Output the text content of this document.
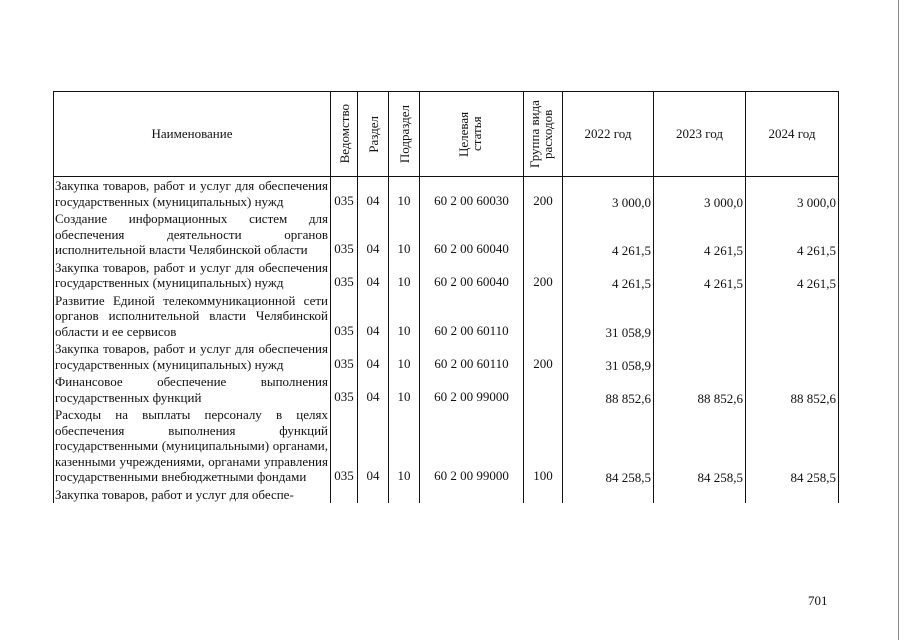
Наименование	Ведомство	Раздел	Подраздел	Целевая статья	Группа вида расходов	2022 год	2023 год	2024 год
Закупка товаров, работ и услуг для обеспечения государственных (муниципальных) нужд	035	04	10	60 2 00 60030	200	3 000,0	3 000,0	3 000,0
Создание информационных систем для обеспечения деятельности органов исполнительной власти Челябинской области	035	04	10	60 2 00 60040		4 261,5	4 261,5	4 261,5
Закупка товаров, работ и услуг для обеспечения государственных (муниципальных) нужд	035	04	10	60 2 00 60040	200	4 261,5	4 261,5	4 261,5
Развитие Единой телекоммуникационной сети органов исполнительной власти Челябинской области и ее сервисов	035	04	10	60 2 00 60110		31 058,9		
Закупка товаров, работ и услуг для обеспечения государственных (муниципальных) нужд	035	04	10	60 2 00 60110	200	31 058,9		
Финансовое обеспечение выполнения государственных функций	035	04	10	60 2 00 99000		88 852,6	88 852,6	88 852,6
Расходы на выплаты персоналу в целях обеспечения выполнения функций государственными (муниципальными) органами, казенными учреждениями, органами управления государственными внебюджетными фондами	035	04	10	60 2 00 99000	100	84 258,5	84 258,5	84 258,5
Закупка товаров, работ и услуг для обеспе-								
701
